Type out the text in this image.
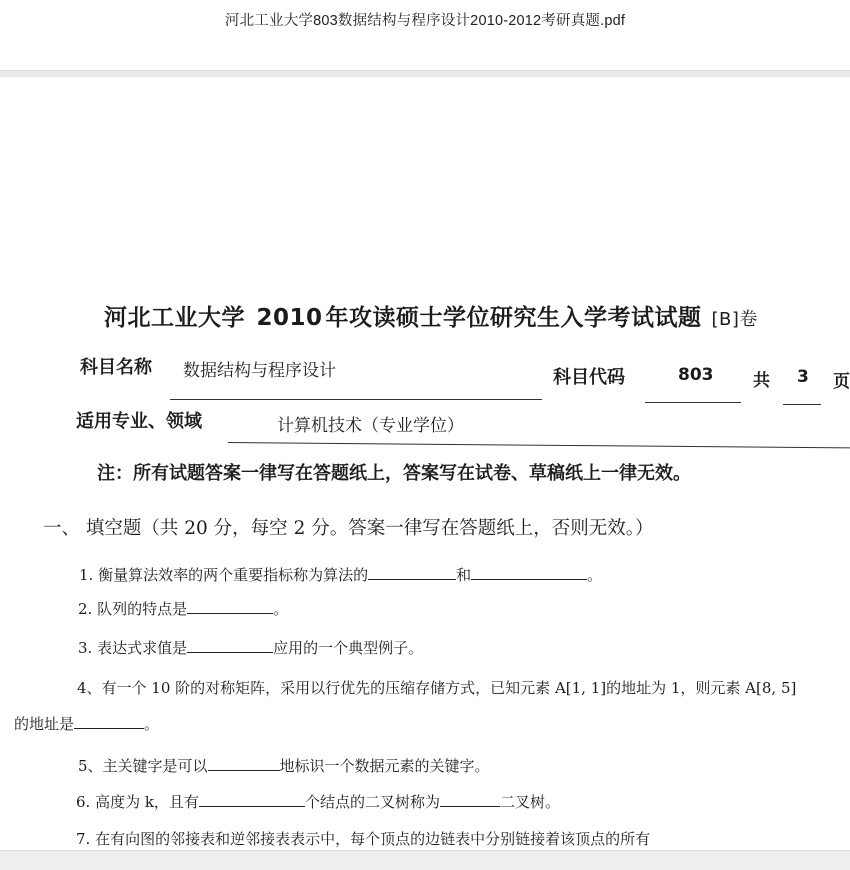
河北工业大学803数据结构与程序设计2010-2012考研真题.pdf
河北工业大学 2010 年攻读硕士学位研究生入学考试试题 [B]卷
科目名称 数据结构与程序设计	科目代码	803 共 3 页
适用专业、领域	计算机技术（专业学位）
注：所有试题答案一律写在答题纸上，答案写在试卷、草稿纸上一律无效。
一、 填空题（共 20 分，每空 2 分。答案一律写在答题纸上，否则无效。）
1. 衡量算法效率的两个重要指标称为算法的	和	。
2. 队列的特点是	。
3. 表达式求值是	应用的一个典型例子。
4、有一个 10 阶的对称矩阵，采用以行优先的压缩存储方式，已知元素 A[1, 1]的地址为 1，则元素 A[8, 5]
的地址是	。
5、主关键字是可以	地标识一个数据元素的关键字。
6. 高度为 k，且有	个结点的二叉树称为	二叉树。
7. 在有向图的邻接表和逆邻接表表示中，每个顶点的边链表中分别链接着该顶点的所有
